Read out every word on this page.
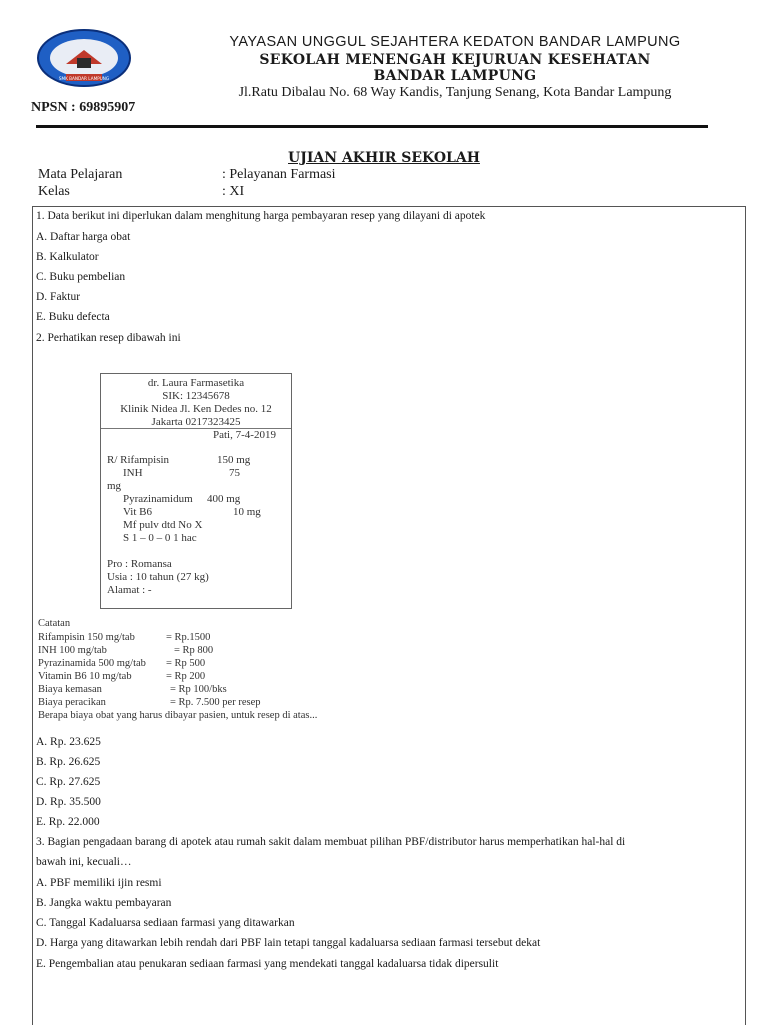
SMK BANDAR LAMPUNG
YAYASAN UNGGUL SEJAHTERA KEDATON BANDAR LAMPUNG
SEKOLAH MENENGAH KEJURUAN KESEHATAN
BANDAR LAMPUNG
Jl.Ratu Dibalau No. 68 Way Kandis, Tanjung Senang, Kota Bandar Lampung
NPSN : 69895907
UJIAN AKHIR SEKOLAH
Mata Pelajaran	: Pelayanan Farmasi
Kelas	: XI
1. Data berikut ini diperlukan dalam menghitung harga pembayaran resep yang dilayani di apotek
A. Daftar harga obat
B. Kalkulator
C. Buku pembelian
D. Faktur
E. Buku defecta
2. Perhatikan resep dibawah ini
dr. Laura Farmasetika
SIK: 12345678
Klinik Nidea Jl. Ken Dedes no. 12
Jakarta 0217323425
Pati, 7-4-2019
R/ Rifampisin	150 mg
INH	75
mg
Pyrazinamidum 400 mg
Vit B6	10 mg
Mf pulv dtd No X
S 1 – 0 – 0 1 hac
Pro : Romansa
Usia : 10 tahun (27 kg)
Alamat : -
Catatan
Rifampisin 150 mg/tab	= Rp.1500
INH 100 mg/tab	= Rp 800
Pyrazinamida 500 mg/tab = Rp 500
Vitamin B6 10 mg/tab	= Rp 200
Biaya kemasan	= Rp 100/bks
Biaya peracikan	= Rp. 7.500 per resep
Berapa biaya obat yang harus dibayar pasien, untuk resep di atas...
A. Rp. 23.625
B. Rp. 26.625
C. Rp. 27.625
D. Rp. 35.500
E. Rp. 22.000
3. Bagian pengadaan barang di apotek atau rumah sakit dalam membuat pilihan PBF/distributor harus memperhatikan hal-hal di
bawah ini, kecuali…
A. PBF memiliki ijin resmi
B. Jangka waktu pembayaran
C. Tanggal Kadaluarsa sediaan farmasi yang ditawarkan
D. Harga yang ditawarkan lebih rendah dari PBF lain tetapi tanggal kadaluarsa sediaan farmasi tersebut dekat
E. Pengembalian atau penukaran sediaan farmasi yang mendekati tanggal kadaluarsa tidak dipersulit
